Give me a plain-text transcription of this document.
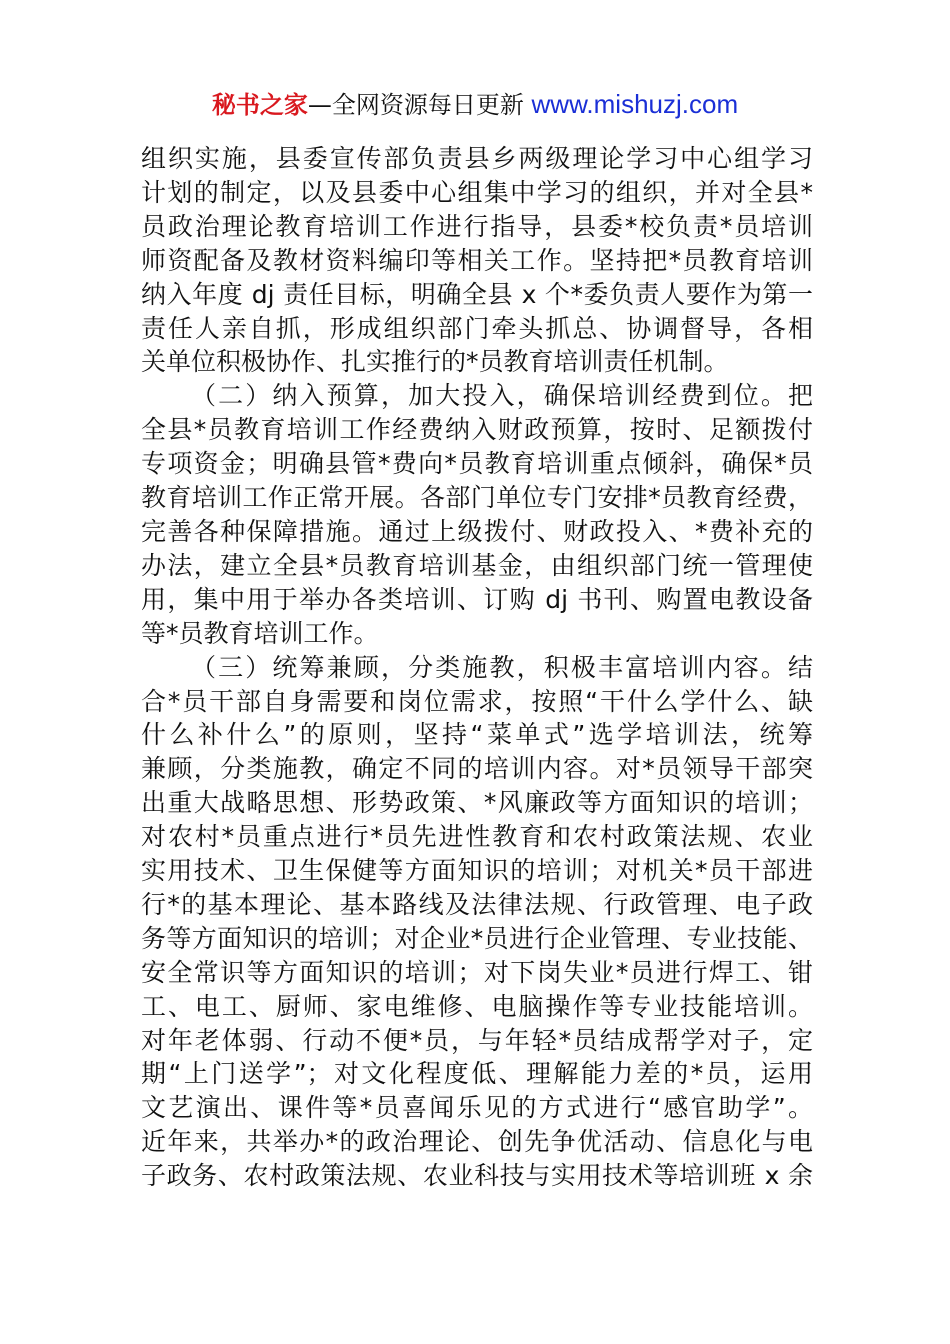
秘书之家—全网资源每日更新 www.mishuzj.com
组织实施，县委宣传部负责县乡两级理论学习中心组学习
计划的制定，以及县委中心组集中学习的组织，并对全县*
员政治理论教育培训工作进行指导，县委*校负责*员培训
师资配备及教材资料编印等相关工作。坚持把*员教育培训
纳入年度 dj 责任目标，明确全县 x 个*委负责人要作为第一
责任人亲自抓，形成组织部门牵头抓总、协调督导，各相
关单位积极协作、扎实推行的*员教育培训责任机制。
（二）纳入预算，加大投入，确保培训经费到位。把
全县*员教育培训工作经费纳入财政预算，按时、足额拨付
专项资金；明确县管*费向*员教育培训重点倾斜，确保*员
教育培训工作正常开展。各部门单位专门安排*员教育经费，
完善各种保障措施。通过上级拨付、财政投入、*费补充的
办法，建立全县*员教育培训基金，由组织部门统一管理使
用，集中用于举办各类培训、订购 dj 书刊、购置电教设备
等*员教育培训工作。
（三）统筹兼顾，分类施教，积极丰富培训内容。结
合*员干部自身需要和岗位需求，按照“干什么学什么、缺
什么补什么”的原则，坚持“菜单式”选学培训法，统筹
兼顾，分类施教，确定不同的培训内容。对*员领导干部突
出重大战略思想、形势政策、*风廉政等方面知识的培训；
对农村*员重点进行*员先进性教育和农村政策法规、农业
实用技术、卫生保健等方面知识的培训；对机关*员干部进
行*的基本理论、基本路线及法律法规、行政管理、电子政
务等方面知识的培训；对企业*员进行企业管理、专业技能、
安全常识等方面知识的培训；对下岗失业*员进行焊工、钳
工、电工、厨师、家电维修、电脑操作等专业技能培训。
对年老体弱、行动不便*员，与年轻*员结成帮学对子，定
期“上门送学”；对文化程度低、理解能力差的*员，运用
文艺演出、课件等*员喜闻乐见的方式进行“感官助学”。
近年来，共举办*的政治理论、创先争优活动、信息化与电
子政务、农村政策法规、农业科技与实用技术等培训班 x 余
